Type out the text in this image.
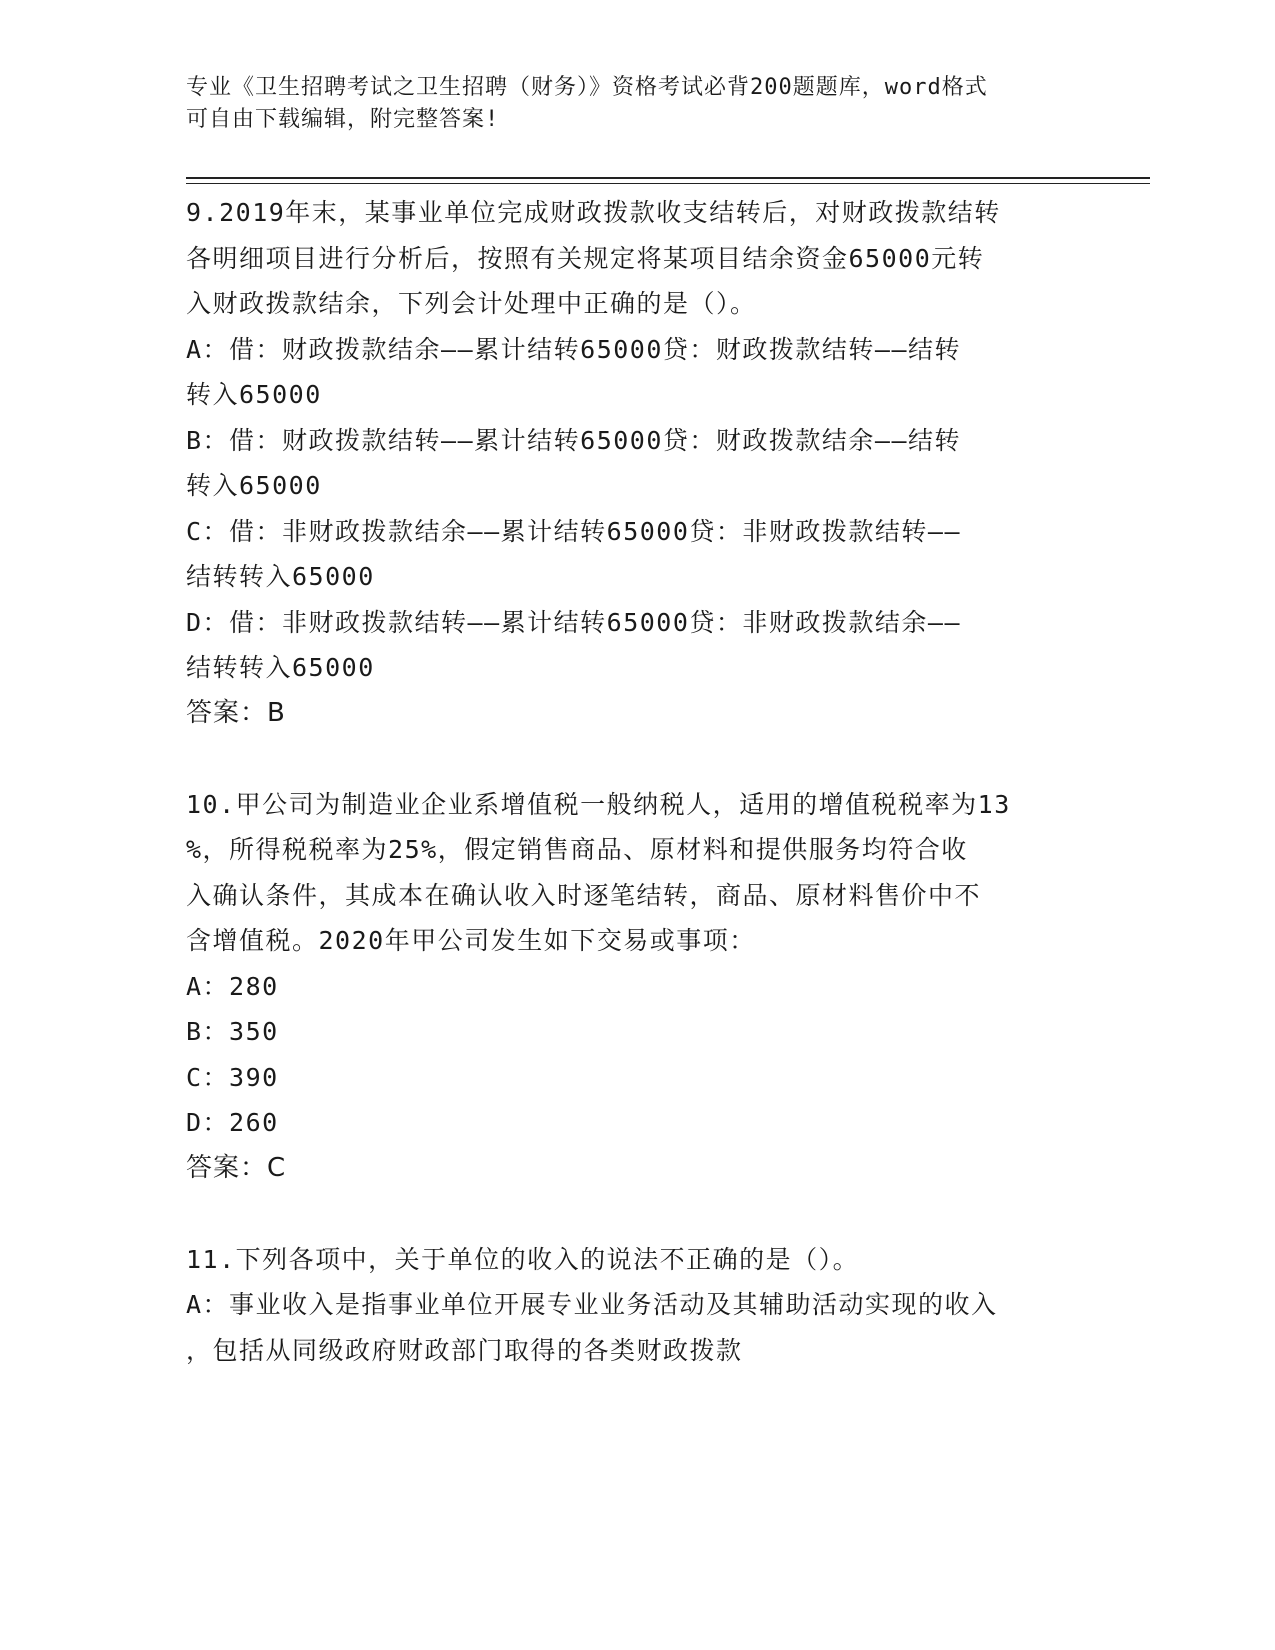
专业《卫生招聘考试之卫生招聘（财务）》资格考试必背200题题库，word格式
可自由下载编辑，附完整答案!
9.2019年末，某事业单位完成财政拨款收支结转后，对财政拨款结转
各明细项目进行分析后，按照有关规定将某项目结余资金65000元转
入财政拨款结余，下列会计处理中正确的是（）。
A：借：财政拨款结余——累计结转65000贷：财政拨款结转——结转
转入65000
B：借：财政拨款结转——累计结转65000贷：财政拨款结余——结转
转入65000
C：借：非财政拨款结余——累计结转65000贷：非财政拨款结转——
结转转入65000
D：借：非财政拨款结转——累计结转65000贷：非财政拨款结余——
结转转入65000
答案：B
10.甲公司为制造业企业系增值税一般纳税人，适用的增值税税率为13
%，所得税税率为25%，假定销售商品、原材料和提供服务均符合收
入确认条件，其成本在确认收入时逐笔结转，商品、原材料售价中不
含增值税。2020年甲公司发生如下交易或事项：
A：280
B：350
C：390
D：260
答案：C
11.下列各项中，关于单位的收入的说法不正确的是（）。
A：事业收入是指事业单位开展专业业务活动及其辅助活动实现的收入
，包括从同级政府财政部门取得的各类财政拨款
